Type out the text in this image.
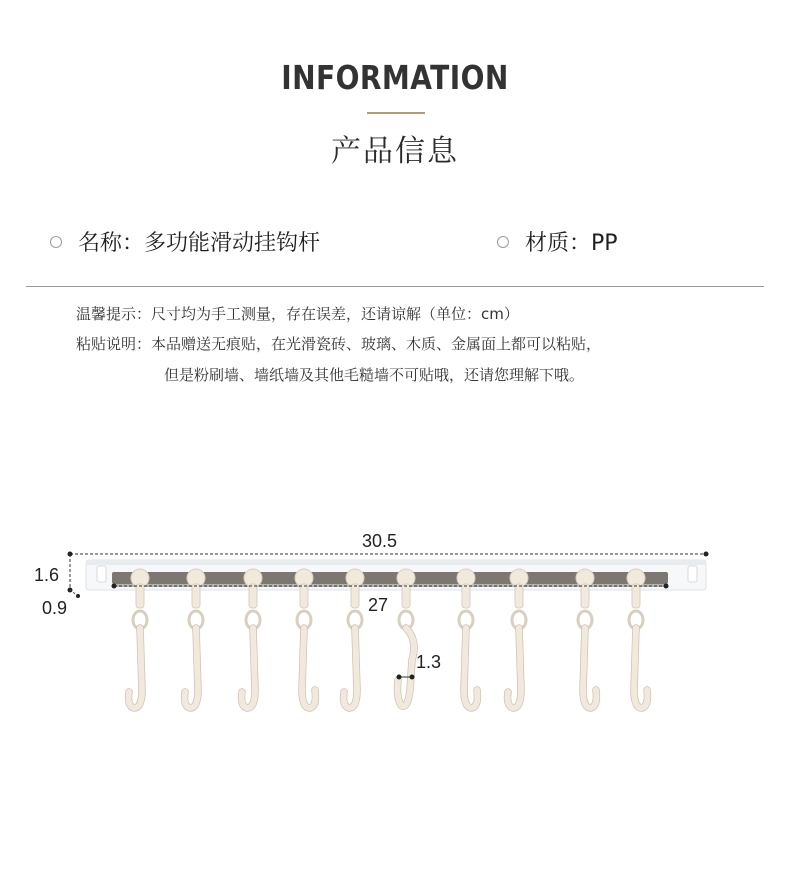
INFORMATION
产品信息
名称：多功能滑动挂钩杆	材质：PP
温馨提示：尺寸均为手工测量，存在误差，还请谅解（单位：cm）
粘贴说明：本品赠送无痕贴，在光滑瓷砖、玻璃、木质、金属面上都可以粘贴，
但是粉刷墙、墙纸墙及其他毛糙墙不可贴哦，还请您理解下哦。
30.5
27
1.6
0.9
1.3
